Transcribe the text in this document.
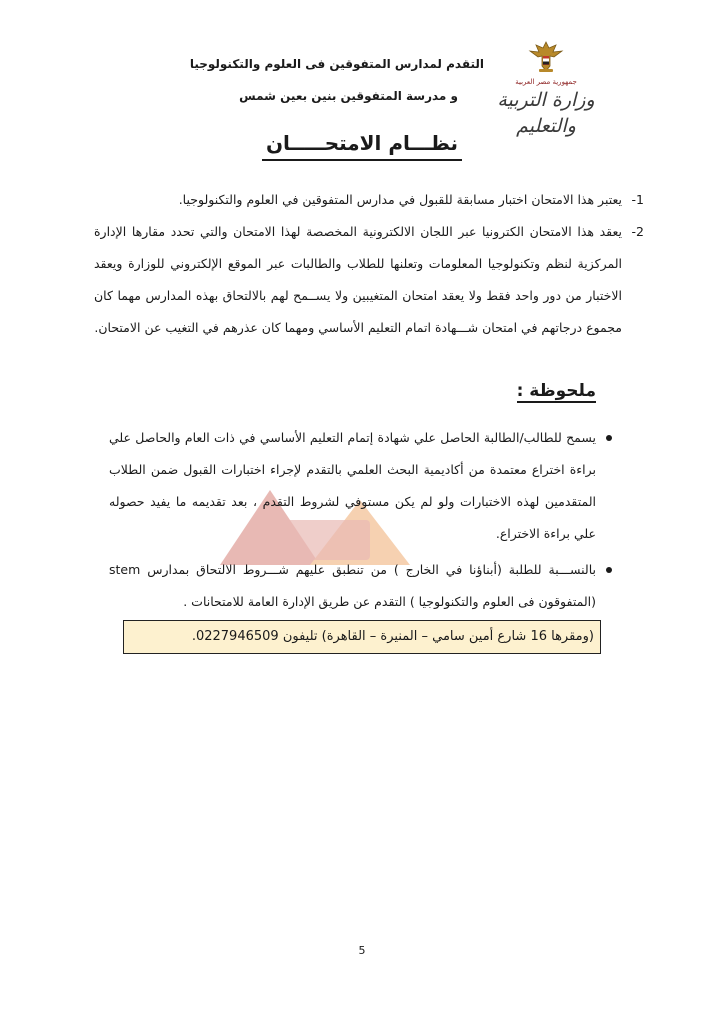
جمهورية مصر العربية
وزارة التربية والتعليم
التقدم لمدارس المتفوقين فى العلوم والتكنولوجيا
و مدرسة المتفوقين بنين بعين شمس
نظـــام الامتحـــــان
-1
يعتبر هذا الامتحان اختبار مسابقة للقبول في مدارس المتفوقين في العلوم والتكنولوجيا.
-2
يعقد هذا الامتحان الكترونيا عبر اللجان الالكترونية المخصصة لهذا الامتحان والتي تحدد مقارها الإدارة المركزية لنظم وتكنولوجيا المعلومات وتعلنها للطلاب والطالبات عبر الموقع الإلكتروني للوزارة ويعقد الاختبار من دور واحد فقط ولا يعقد امتحان المتغيبين ولا يســمح لهم بالالتحاق بهذه المدارس مهما كان مجموع درجاتهم في امتحان شـــهادة اتمام التعليم الأساسي ومهما كان عذرهم في التغيب عن الامتحان.
ملحوظة :
يسمح للطالب/الطالبة الحاصل علي شهادة إتمام التعليم الأساسي في ذات العام والحاصل علي براءة اختراع معتمدة من أكاديمية البحث العلمي بالتقدم لإجراء اختبارات القبول ضمن الطلاب المتقدمين لهذه الاختبارات ولو لم يكن مستوفي لشروط التقدم ، بعد تقديمه ما يفيد حصوله علي براءة الاختراع.
بالنســـبة للطلبة (أبناؤنا في الخارج ) من تنطبق عليهم شـــروط الالتحاق بمدارس stem (المتفوقون فى العلوم والتكنولوجيا ) التقدم عن طريق الإدارة العامة للامتحانات .
(ومقرها 16 شارع أمين سامي – المنيرة – القاهرة) تليفون 0227946509.
5
